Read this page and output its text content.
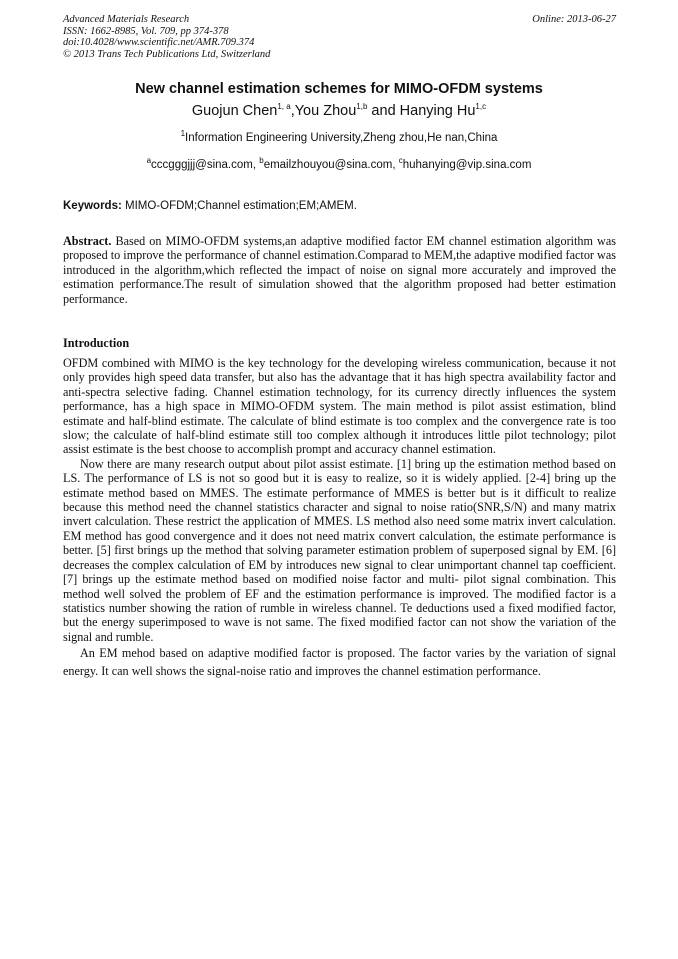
Advanced Materials Research
ISSN: 1662-8985, Vol. 709, pp 374-378
doi:10.4028/www.scientific.net/AMR.709.374
© 2013 Trans Tech Publications Ltd, Switzerland
Online: 2013-06-27
New channel estimation schemes for MIMO-OFDM systems
Guojun Chen$^{1, a}$,You Zhou$^{1,b}$ and Hanying Hu$^{1,c}$
$^1$Information Engineering University,Zheng zhou,He nan,China
$^a$cccgggjjj@sina.com, $^b$emailzhouyou@sina.com, $^c$huhanying@vip.sina.com
Keywords: MIMO-OFDM;Channel estimation;EM;AMEM.

Abstract. Based on MIMO-OFDM systems,an adaptive modified factor EM channel estimation algorithm was proposed to improve the performance of channel estimation.Comparad to MEM,the adaptive modified factor was introduced in the algorithm,which reflected the impact of noise on signal more accurately and improved the estimation performance.The result of simulation showed that the algorithm proposed had better estimation performance.

Introduction

OFDM combined with MIMO is the key technology for the developing wireless communication, because it not only provides high speed data transfer, but also has the advantage that it has high spectra availability factor and anti-spectra selective fading. Channel estimation technology, for its currency directly influences the system performance, has a high space in MIMO-OFDM system. The main method is pilot assist estimation, blind estimate and half-blind estimate. The calculate of blind estimate is too complex and the convergence rate is too slow; the calculate of half-blind estimate still too complex although it introduces little pilot technology; pilot assist estimate is the best choose to accomplish prompt and accuracy channel estimation.

Now there are many research output about pilot assist estimate. [1] bring up the estimation method based on LS. The performance of LS is not so good but it is easy to realize, so it is widely applied. [2-4] bring up the estimate method based on MMES. The estimate performance of MMES is better but is it difficult to realize because this method need the channel statistics character and signal to noise ratio(SNR,S/N) and many matrix invert calculation. These restrict the application of MMES. LS method also need some matrix invert calculation. EM method has good convergence and it does not need matrix convert calculation, the estimate performance is better. [5] first brings up the method that solving parameter estimation problem of superposed signal by EM. [6] decreases the complex calculation of EM by introduces new signal to clear unimportant channel tap coefficient. [7] brings up the estimate method based on modified noise factor and multi- pilot signal combination. This method well solved the problem of EF and the estimation performance is improved. The modified factor is a statistics number showing the ration of rumble in wireless channel. Te deductions used a fixed modified factor, but the energy superimposed to wave is not same. The fixed modified factor can not show the variation of the signal and rumble.

An EM mehod based on adaptive modified factor is proposed. The factor varies by the variation of signal energy. It can well shows the signal-noise ratio and improves the channel estimation performance.
